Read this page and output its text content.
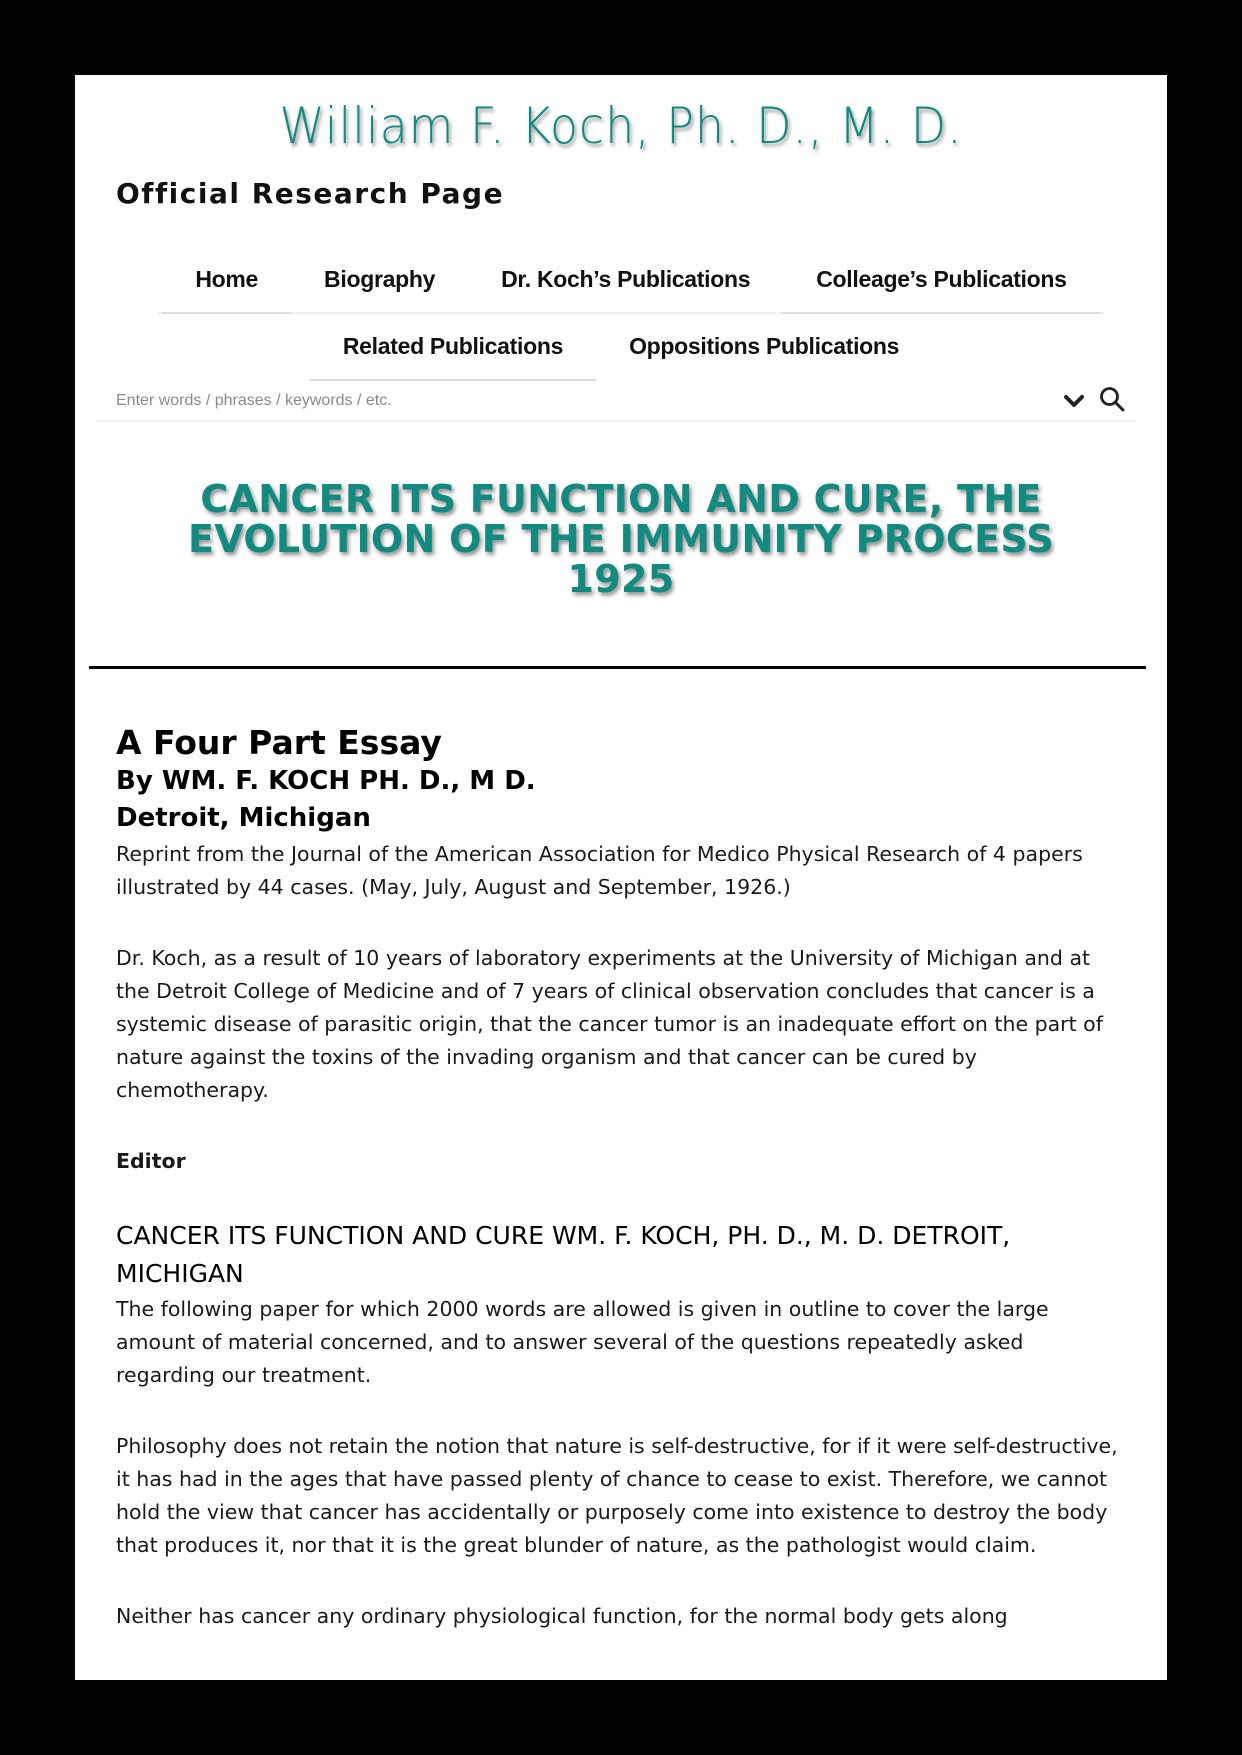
William F. Koch, Ph. D., M. D.
Official Research Page
Home	Biography	Dr. Koch’s Publications	Colleage’s Publications
Related Publications	Oppositions Publications
Enter words / phrases / keywords / etc.
CANCER ITS FUNCTION AND CURE, THE
EVOLUTION OF THE IMMUNITY PROCESS
1925
A Four Part Essay
By WM. F. KOCH PH. D., M D.
Detroit, Michigan

Reprint from the Journal of the American Association for Medico Physical Research of 4 papers illustrated by 44 cases. (May, July, August and September, 1926.)

Dr. Koch, as a result of 10 years of laboratory experiments at the University of Michigan and at the Detroit College of Medicine and of 7 years of clinical observation concludes that cancer is a systemic disease of parasitic origin, that the cancer tumor is an inadequate effort on the part of nature against the toxins of the invading organism and that cancer can be cured by chemotherapy.

Editor
CANCER ITS FUNCTION AND CURE WM. F. KOCH, PH. D., M. D. DETROIT, MICHIGAN

The following paper for which 2000 words are allowed is given in outline to cover the large amount of material concerned, and to answer several of the questions repeatedly asked regarding our treatment.

Philosophy does not retain the notion that nature is self-destructive, for if it were self-destructive, it has had in the ages that have passed plenty of chance to cease to exist. Therefore, we cannot hold the view that cancer has accidentally or purposely come into existence to destroy the body that produces it, nor that it is the great blunder of nature, as the pathologist would claim.

Neither has cancer any ordinary physiological function, for the normal body gets along
